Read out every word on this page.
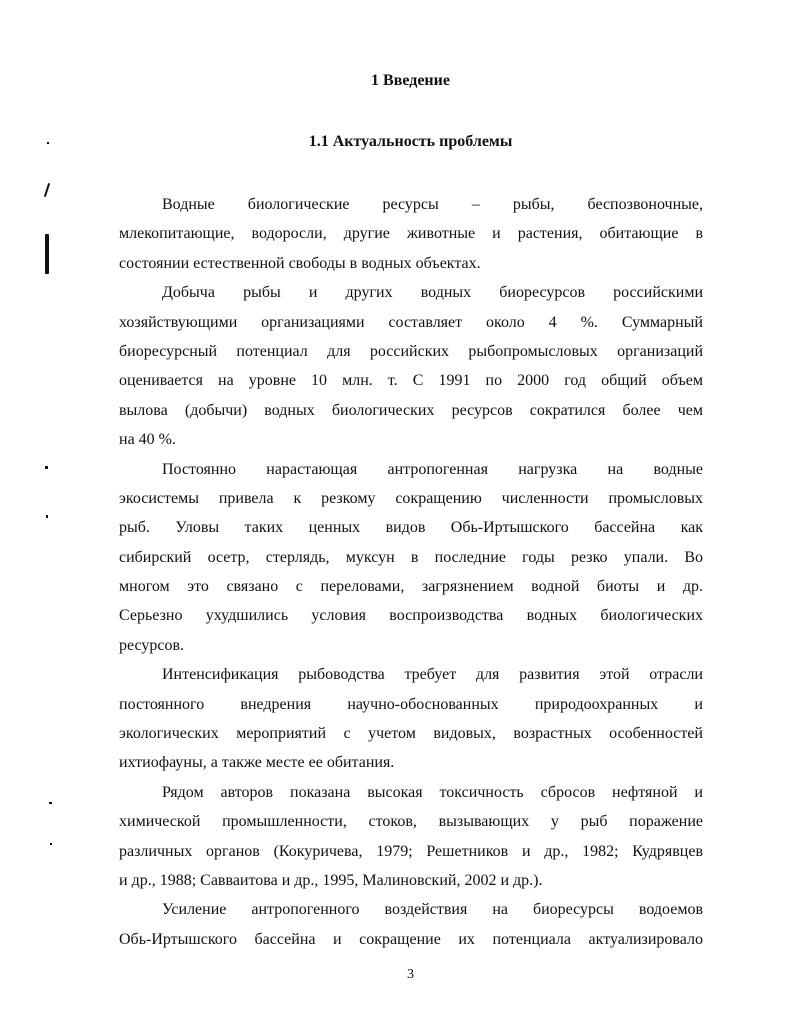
1 Введение
1.1 Актуальность проблемы
Водные биологические ресурсы – рыбы, беспозвоночные,
млекопитающие, водоросли, другие животные и растения, обитающие в
состоянии естественной свободы в водных объектах.
Добыча рыбы и других водных биоресурсов российскими
хозяйствующими организациями составляет около 4 %. Суммарный
биоресурсный потенциал для российских рыбопромысловых организаций
оценивается на уровне 10 млн. т. С 1991 по 2000 год общий объем
вылова (добычи) водных биологических ресурсов сократился более чем
на 40 %.
Постоянно нарастающая антропогенная нагрузка на водные
экосистемы привела к резкому сокращению численности промысловых
рыб. Уловы таких ценных видов Обь-Иртышского бассейна как
сибирский осетр, стерлядь, муксун в последние годы резко упали. Во
многом это связано с переловами, загрязнением водной биоты и др.
Серьезно ухудшились условия воспроизводства водных биологических
ресурсов.
Интенсификация рыбоводства требует для развития этой отрасли
постоянного внедрения научно-обоснованных природоохранных и
экологических мероприятий с учетом видовых, возрастных особенностей
ихтиофауны, а также месте ее обитания.
Рядом авторов показана высокая токсичность сбросов нефтяной и
химической промышленности, стоков, вызывающих у рыб поражение
различных органов (Кокуричева, 1979; Решетников и др., 1982; Кудрявцев
и др., 1988; Савваитова и др., 1995, Малиновский, 2002 и др.).
Усиление антропогенного воздействия на биоресурсы водоемов
Обь-Иртышского бассейна и сокращение их потенциала актуализировало
3
